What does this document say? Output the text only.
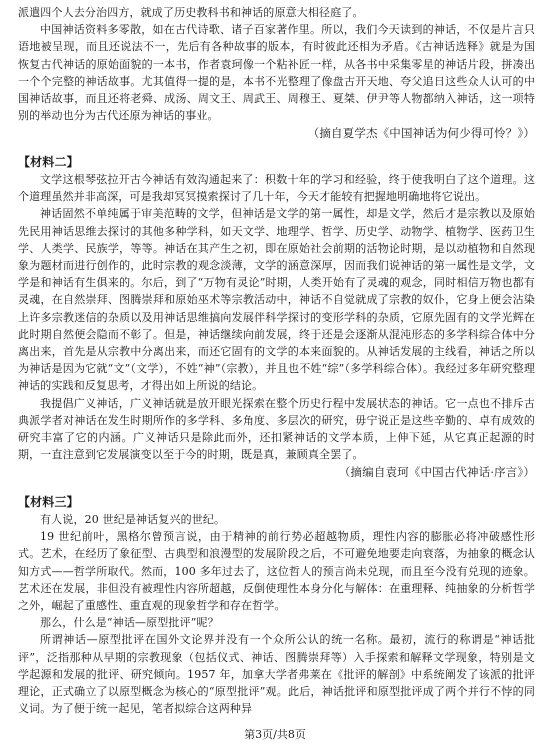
派遣四个人去分治四方，就成了历史教科书和神话的原意大相径庭了。

中国神话资料多零散，如在古代诗歌、诸子百家著作里。所以，我们今天读到的神话，不仅是片言只语地被呈现，而且还说法不一，先后有各种故事的版本，有时彼此还相为矛盾。《古神话选释》就是为国恢复古代神话的原始面貌的一本书，作者袁珂像一个粘补匠一样，从各书中采集零星的神话片段，拼凑出一个个完整的神话故事。尤其值得一提的是，本书不光整理了像盘古开天地、夸父追日这些众人认可的中国神话故事，而且还将老舜、成汤、周文王、周武王、周穆王、夏桀、伊尹等人物都纳入神话，这一项特别的举动也分为古代还原为神话的事业。

（摘自夏学杰《中国神话为何少得可怜？》）

【材料二】

文学这根琴弦拉开古今神话有效沟通起来了：积数十年的学习和经验，终于使我明白了这个道理。这个道理虽然并非高深，可是我却冥冥摸索探讨了几十年，今天才能较有把握地明确地将它说出。

神话固然不单纯属于审美范畴的文学，但神话是文学的第一属性，却是文学，然后才是宗教以及原始先民用神话思维去探讨的其他多种学科，如天文学、地理学、哲学、历史学、动物学、植物学、医药卫生学、人类学、民族学，等等。神话在其产生之初，即在原始社会前期的活物论时期，是以动植物和自然现象为题材而进行创作的，此时宗教的观念淡薄，文学的涵意深厚，因而我们说神话的第一属性是文学，文学是和神话有生俱来的。尔后，到了“万物有灵论”时期，人类开始有了灵魂的观念，同时相信万物也都有灵魂，在自然崇拜、图腾崇拜和原始巫术等宗教活动中，神话不自觉就成了宗教的奴仆，它身上便会沾染上许多宗教迷信的杂质以及用神话思维搞向发展伴科学探讨的变形学科的杂质，它原先固有的文学光辉在此时期自然便会隐而不彰了。但是，神话继续向前发展，终于还是会逐渐从混沌形态的多学科综合体中分离出来，首先是从宗教中分离出来，而还它固有的文学的本来面貌的。从神话发展的主线看，神话之所以为神话是因为它就“文”（文学），不姓“神”（宗教），并且也不姓“综”（多学科综合体）。我经过多年研究整理神话的实践和反复思考，才得出如上所说的结论。

我提倡广义神话，广义神话就是放开眼光探索在整个历史行程中发展状态的神话。它一点也不排斥古典派学者对神话在发生时期所作的多学科、多角度、多层次的研究，毋宁说正是这些辛勤的、卓有成效的研究丰富了它的内涵。广义神话只是除此而外，还扣紧神话的文学本质，上伸下延，从它真正起源的时期，一直注意到它发展演变以至于今的时期，既是真，兼顾真全罢了。

（摘编自袁珂《中国古代神话·序言》）

【材料三】

有人说，20 世纪是神话复兴的世纪。

19 世纪前叶，黑格尔曾预言说，由于精神的前行势必超越物质，理性内容的膨胀必将冲破感性形式。艺术，在经历了象征型、古典型和浪漫型的发展阶段之后，不可避免地要走向衰落，为抽象的概念认知方式——哲学所取代。然而，100 多年过去了，这位哲人的预言尚未兑现，而且至今没有兑现的迹象。艺术还在发展，非但没有被理性内容所超越，反倒使理性本身分化与解体：在重理释、纯抽象的分析哲学之外，崛起了重感性、重直观的现象哲学和存在哲学。

那么，什么是“神话—原型批评”呢？

所谓神话—原型批评在国外文论界并没有一个众所公认的统一名称。最初，流行的称谓是“神话批评”，泛指那种从早期的宗教现象（包括仪式、神话、图腾崇拜等）入手探索和解释文学现象，特别是文学起源和发展的批评、研究倾向。1957 年，加拿大学者弗莱在《批评的解剖》中系统阐发了该派的批评理论，正式确立了以原型概念为核心的“原型批评”观。此后，神话批评和原型批评成了两个并行不悖的同义词。为了便于统一起见，笔者拟综合这两种异

第3页/共8页
